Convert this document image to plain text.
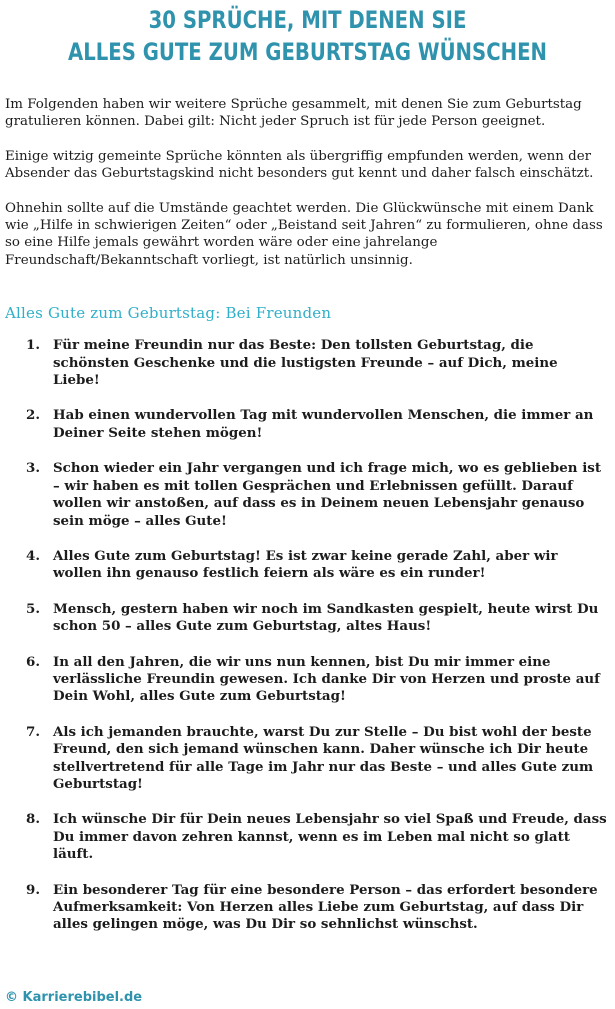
30 SPRÜCHE, MIT DENEN SIE
ALLES GUTE ZUM GEBURTSTAG WÜNSCHEN

Im Folgenden haben wir weitere Sprüche gesammelt, mit denen Sie zum Geburtstag gratulieren können. Dabei gilt: Nicht jeder Spruch ist für jede Person geeignet.

Einige witzig gemeinte Sprüche könnten als übergriffig empfunden werden, wenn der Absender das Geburtstagskind nicht besonders gut kennt und daher falsch einschätzt.

Ohnehin sollte auf die Umstände geachtet werden. Die Glückwünsche mit einem Dank wie „Hilfe in schwierigen Zeiten“ oder „Beistand seit Jahren“ zu formulieren, ohne dass so eine Hilfe jemals gewährt worden wäre oder eine jahrelange Freundschaft/Bekanntschaft vorliegt, ist natürlich unsinnig.

Alles Gute zum Geburtstag: Bei Freunden
1. Für meine Freundin nur das Beste: Den tollsten Geburtstag, die schönsten Geschenke und die lustigsten Freunde – auf Dich, meine Liebe!
2. Hab einen wundervollen Tag mit wundervollen Menschen, die immer an Deiner Seite stehen mögen!
3. Schon wieder ein Jahr vergangen und ich frage mich, wo es geblieben ist – wir haben es mit tollen Gesprächen und Erlebnissen gefüllt. Darauf wollen wir anstoßen, auf dass es in Deinem neuen Lebensjahr genauso sein möge – alles Gute!
4. Alles Gute zum Geburtstag! Es ist zwar keine gerade Zahl, aber wir wollen ihn genauso festlich feiern als wäre es ein runder!
5. Mensch, gestern haben wir noch im Sandkasten gespielt, heute wirst Du schon 50 – alles Gute zum Geburtstag, altes Haus!
6. In all den Jahren, die wir uns nun kennen, bist Du mir immer eine verlässliche Freundin gewesen. Ich danke Dir von Herzen und proste auf Dein Wohl, alles Gute zum Geburtstag!
7. Als ich jemanden brauchte, warst Du zur Stelle – Du bist wohl der beste Freund, den sich jemand wünschen kann. Daher wünsche ich Dir heute stellvertretend für alle Tage im Jahr nur das Beste – und alles Gute zum Geburtstag!
8. Ich wünsche Dir für Dein neues Lebensjahr so viel Spaß und Freude, dass Du immer davon zehren kannst, wenn es im Leben mal nicht so glatt läuft.
9. Ein besonderer Tag für eine besondere Person – das erfordert besondere Aufmerksamkeit: Von Herzen alles Liebe zum Geburtstag, auf dass Dir alles gelingen möge, was Du Dir so sehnlichst wünschst.
© Karrierebibel.de
